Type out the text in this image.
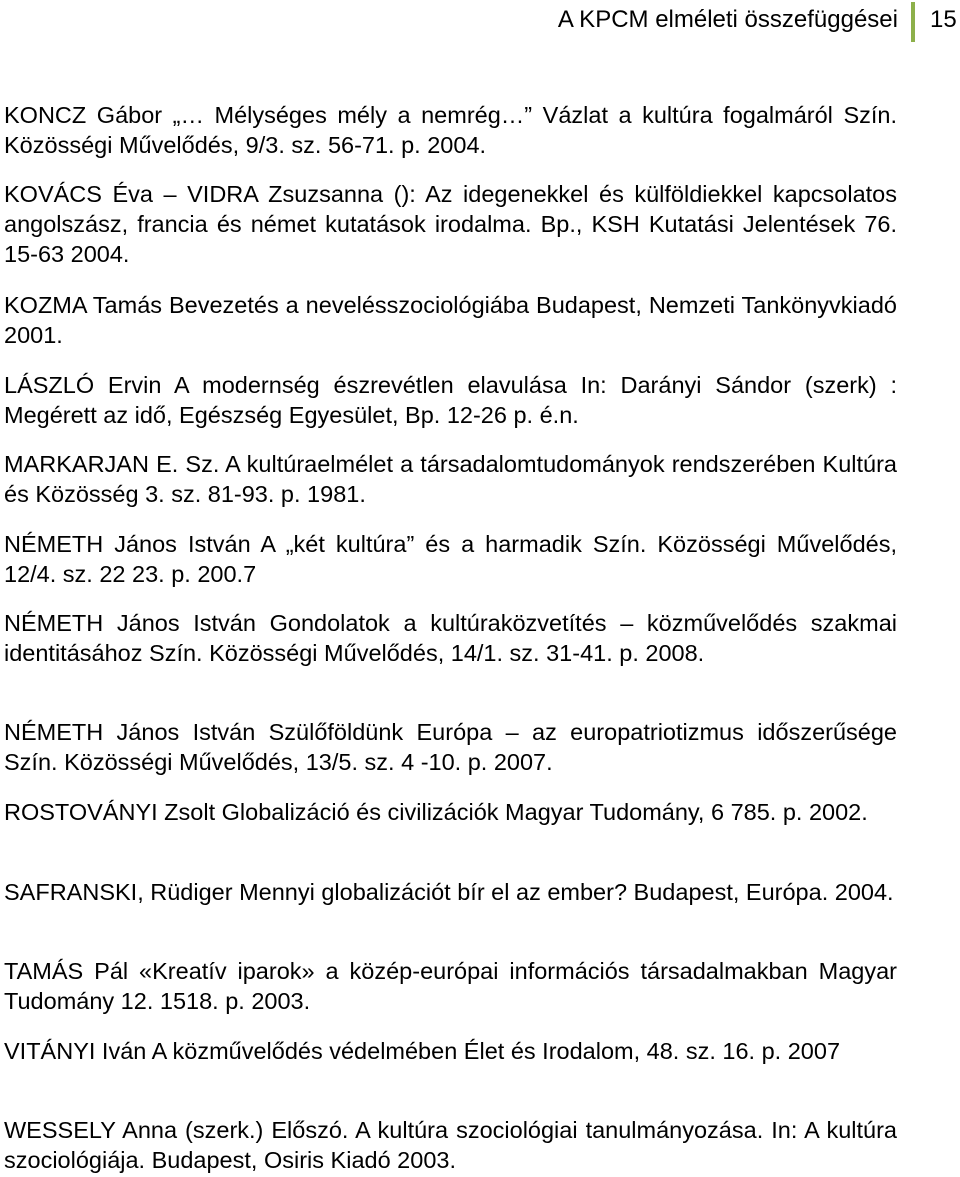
A KPCM elméleti összefüggései 15

KONCZ Gábor „… Mélységes mély a nemrég…” Vázlat a kultúra fogalmáról Szín. Közösségi Művelődés, 9/3. sz. 56-71. p. 2004.

KOVÁCS Éva – VIDRA Zsuzsanna (): Az idegenekkel és külföldiekkel kapcsolatos angolszász, francia és német kutatások irodalma. Bp., KSH Kutatási Jelentések 76. 15-63 2004.

KOZMA Tamás Bevezetés a nevelésszociológiába Budapest, Nemzeti Tankönyvkiadó 2001.

LÁSZLÓ Ervin A modernség észrevétlen elavulása In: Darányi Sándor (szerk) : Megérett az idő, Egészség Egyesület, Bp. 12-26 p. é.n.

MARKARJAN E. Sz. A kultúraelmélet a társadalomtudományok rendszerében Kultúra és Közösség 3. sz. 81-93. p. 1981.

NÉMETH János István A „két kultúra” és a harmadik Szín. Közösségi Művelődés, 12/4. sz. 22 23. p. 200.7

NÉMETH János István Gondolatok a kultúraközvetítés – közművelődés szakmai identitásához Szín. Közösségi Művelődés, 14/1. sz. 31-41. p. 2008.

NÉMETH János István Szülőföldünk Európa – az europatriotizmus időszerűsége Szín. Közösségi Művelődés, 13/5. sz. 4 -10. p. 2007.

ROSTOVÁNYI Zsolt Globalizáció és civilizációk Magyar Tudomány, 6 785. p. 2002.

SAFRANSKI, Rüdiger Mennyi globalizációt bír el az ember? Budapest, Európa. 2004.

TAMÁS Pál «Kreatív iparok» a közép-európai információs társadalmakban Magyar Tudomány 12. 1518. p. 2003.

VITÁNYI Iván A közművelődés védelmében Élet és Irodalom, 48. sz. 16. p. 2007

WESSELY Anna (szerk.) Előszó. A kultúra szociológiai tanulmányozása. In: A kultúra szociológiája. Budapest, Osiris Kiadó 2003.
